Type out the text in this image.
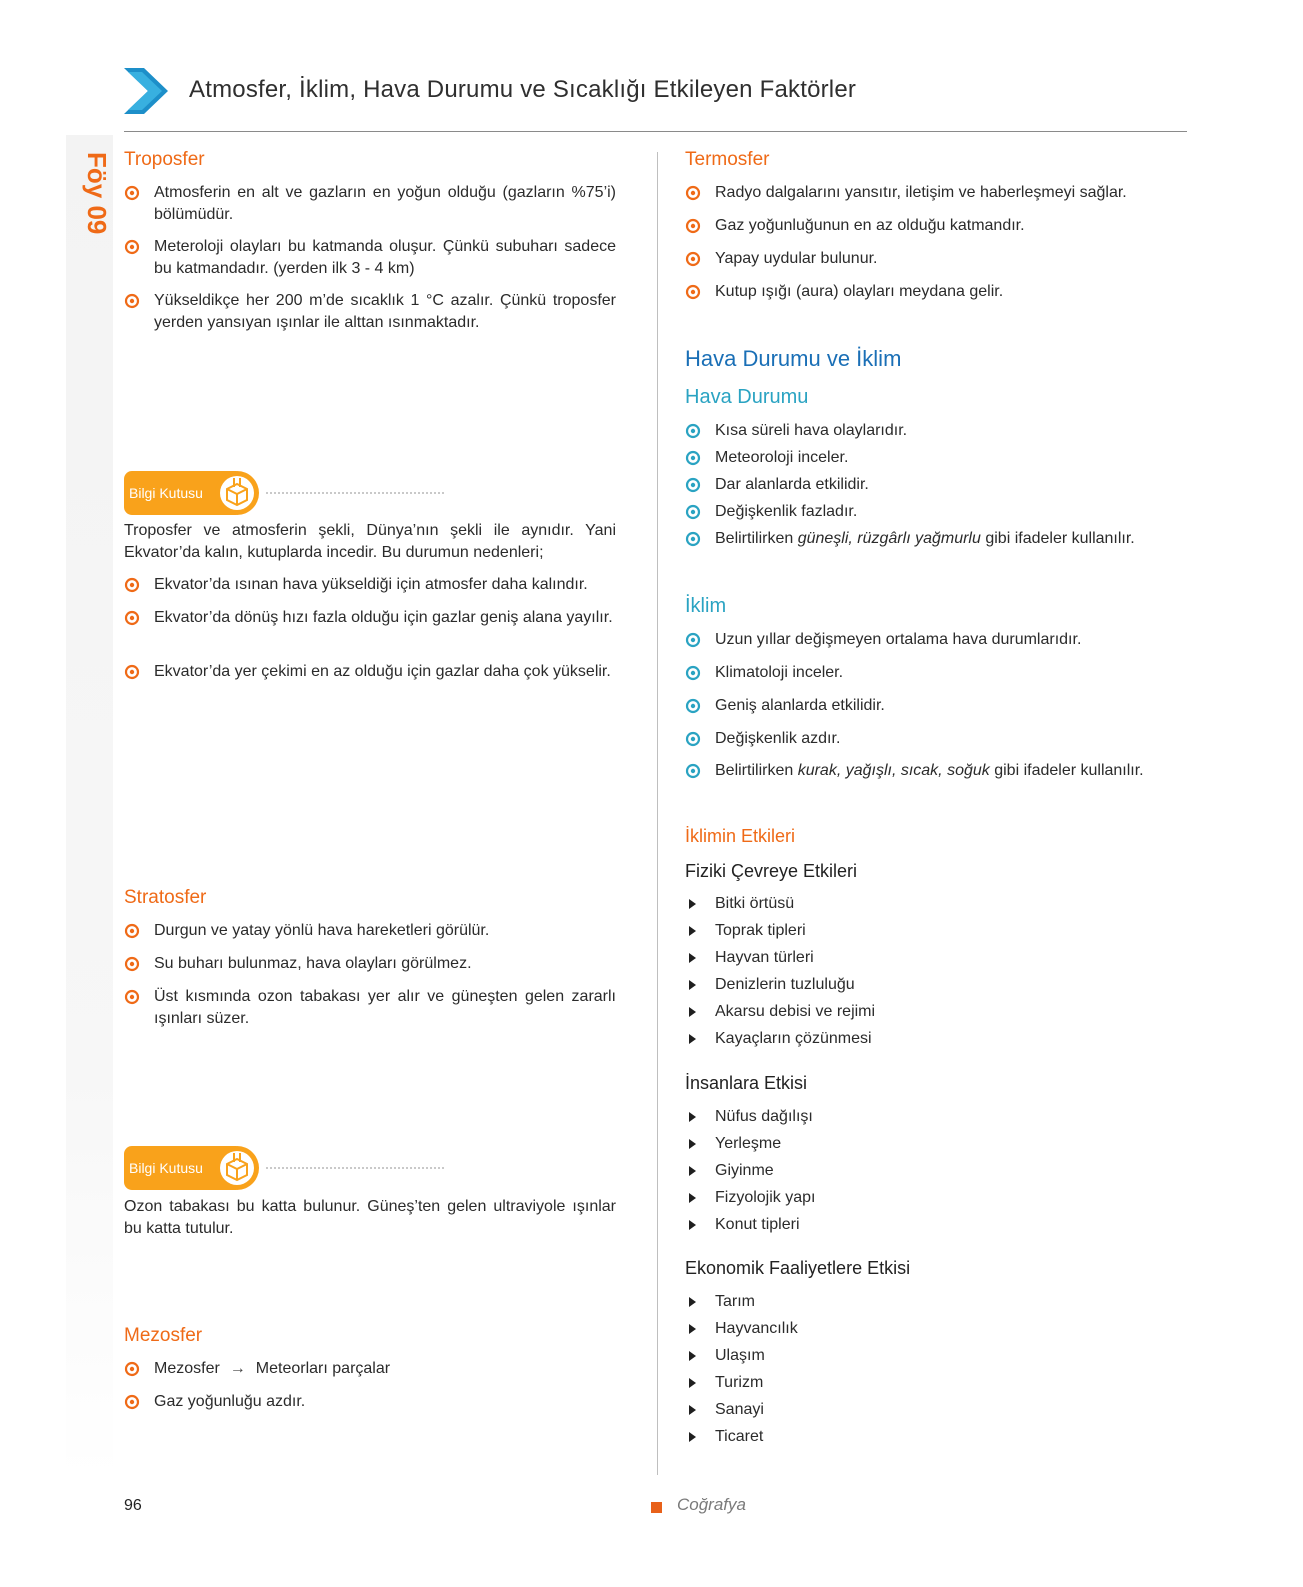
Föy 09
Atmosfer, İklim, Hava Durumu ve Sıcaklığı Etkileyen Faktörler
Troposfer
Atmosferin en alt ve gazların en yoğun olduğu (gazların %75’i) bölümüdür.
Meteroloji olayları bu katmanda oluşur. Çünkü subuharı sadece bu katmandadır. (yerden ilk 3 - 4 km)
Yükseldikçe her 200 m’de sıcaklık 1 °C azalır. Çünkü troposfer yerden yansıyan ışınlar ile alttan ısınmaktadır.
Bilgi Kutusu
Troposfer ve atmosferin şekli, Dünya’nın şekli ile aynıdır. Yani Ekvator’da kalın, kutuplarda incedir. Bu durumun nedenleri;
Ekvator’da ısınan hava yükseldiği için atmosfer daha kalındır.
Ekvator’da dönüş hızı fazla olduğu için gazlar geniş alana yayılır.
Ekvator’da yer çekimi en az olduğu için gazlar daha çok yükselir.
Stratosfer
Durgun ve yatay yönlü hava hareketleri görülür.
Su buharı bulunmaz, hava olayları görülmez.
Üst kısmında ozon tabakası yer alır ve güneşten gelen zararlı ışınları süzer.
Bilgi Kutusu
Ozon tabakası bu katta bulunur. Güneş’ten gelen ultraviyole ışınlar bu katta tutulur.
Mezosfer
Mezosfer → Meteorları parçalar
Gaz yoğunluğu azdır.
Termosfer
Radyo dalgalarını yansıtır, iletişim ve haberleşmeyi sağlar.
Gaz yoğunluğunun en az olduğu katmandır.
Yapay uydular bulunur.
Kutup ışığı (aura) olayları meydana gelir.
Hava Durumu ve İklim
Hava Durumu
Kısa süreli hava olaylarıdır.
Meteoroloji inceler.
Dar alanlarda etkilidir.
Değişkenlik fazladır.
Belirtilirken güneşli, rüzgârlı yağmurlu gibi ifadeler kullanılır.
İklim
Uzun yıllar değişmeyen ortalama hava durumlarıdır.
Klimatoloji inceler.
Geniş alanlarda etkilidir.
Değişkenlik azdır.
Belirtilirken kurak, yağışlı, sıcak, soğuk gibi ifadeler kullanılır.
İklimin Etkileri
Fiziki Çevreye Etkileri
Bitki örtüsü
Toprak tipleri
Hayvan türleri
Denizlerin tuzluluğu
Akarsu debisi ve rejimi
Kayaçların çözünmesi
İnsanlara Etkisi
Nüfus dağılışı
Yerleşme
Giyinme
Fizyolojik yapı
Konut tipleri
Ekonomik Faaliyetlere Etkisi
Tarım
Hayvancılık
Ulaşım
Turizm
Sanayi
Ticaret
96	Coğrafya
